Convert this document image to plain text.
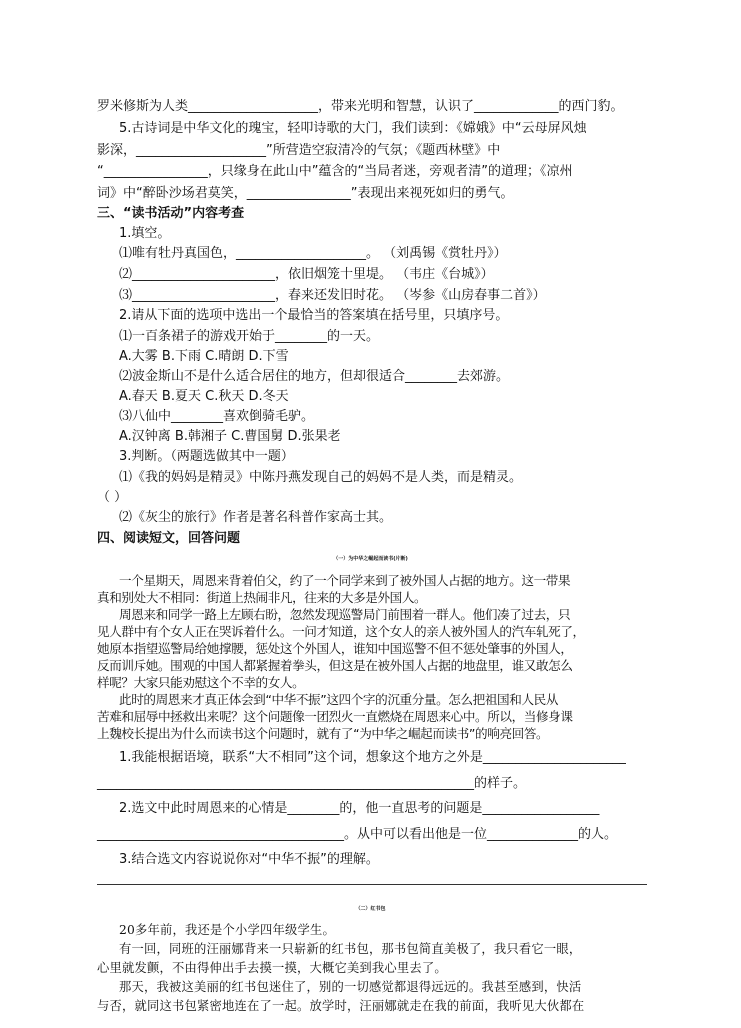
罗米修斯为人类____________________，带来光明和智慧，认识了_____________的西门豹。

5.古诗词是中华文化的瑰宝，轻叩诗歌的大门，我们读到：《嫦娥》中“云母屏风烛

影深，____________________”所营造空寂清冷的气氛；《题西林壁》中

“________________，只缘身在此山中”蕴含的“当局者迷，旁观者清”的道理；《凉州

词》中“醉卧沙场君莫笑，________________”表现出来视死如归的勇气。

三、“读书活动”内容考查

1.填空。

⑴唯有牡丹真国色，____________________。 （刘禹锡《赏牡丹》）

⑵______________________，依旧烟笼十里堤。 （韦庄《台城》）

⑶______________________，春来还发旧时花。 （岑参《山房春事二首》）

2.请从下面的选项中选出一个最恰当的答案填在括号里，只填序号。

⑴一百条裙子的游戏开始于________的一天。

A.大雾 B.下雨 C.晴朗 D.下雪

⑵波金斯山不是什么适合居住的地方，但却很适合________去郊游。

A.春天 B.夏天 C.秋天 D.冬天

⑶八仙中________喜欢倒骑毛驴。

A.汉钟离 B.韩湘子 C.曹国舅 D.张果老

3.判断。（两题选做其中一题）

⑴《我的妈妈是精灵》中陈丹燕发现自己的妈妈不是人类，而是精灵。

（ ）

⑵《灰尘的旅行》作者是著名科普作家高士其。

四、阅读短文，回答问题

（一）为中华之崛起而读书(片断)

一个星期天，周恩来背着伯父，约了一个同学来到了被外国人占据的地方。这一带果

真和别处大不相同：街道上热闹非凡，往来的大多是外国人。

周恩来和同学一路上左顾右盼，忽然发现巡警局门前围着一群人。他们凑了过去，只

见人群中有个女人正在哭诉着什么。一问才知道，这个女人的亲人被外国人的汽车轧死了，

她原本指望巡警局给她撑腰，惩处这个外国人，谁知中国巡警不但不惩处肇事的外国人，

反而训斥她。围观的中国人都紧握着拳头，但这是在被外国人占据的地盘里，谁又敢怎么

样呢？大家只能劝慰这个不幸的女人。

此时的周恩来才真正体会到“中华不振”这四个字的沉重分量。怎么把祖国和人民从

苦难和屈辱中拯救出来呢？这个问题像一团烈火一直燃烧在周恩来心中。所以，当修身课

上魏校长提出为什么而读书这个问题时，就有了“为中华之崛起而读书”的响亮回答。

1.我能根据语境，联系“大不相同”这个词，想象这个地方之外是______________________

__________________________________________________________的样子。

2.选文中此时周恩来的心情是________的，他一直思考的问题是__________________

______________________________________。从中可以看出他是一位______________的人。

3.结合选文内容说说你对“中华不振”的理解。

（二）红书包

20多年前，我还是个小学四年级学生。

有一回，同班的汪丽娜背来一只崭新的红书包，那书包简直美极了，我只看它一眼，

心里就发颤，不由得伸出手去摸一摸，大概它美到我心里去了。

那天，我被这美丽的红书包迷住了，别的一切感觉都退得远远的。我甚至感到，快活

与否，就同这书包紧密地连在了一起。放学时，汪丽娜就走在我的前面，我听见大伙都在
